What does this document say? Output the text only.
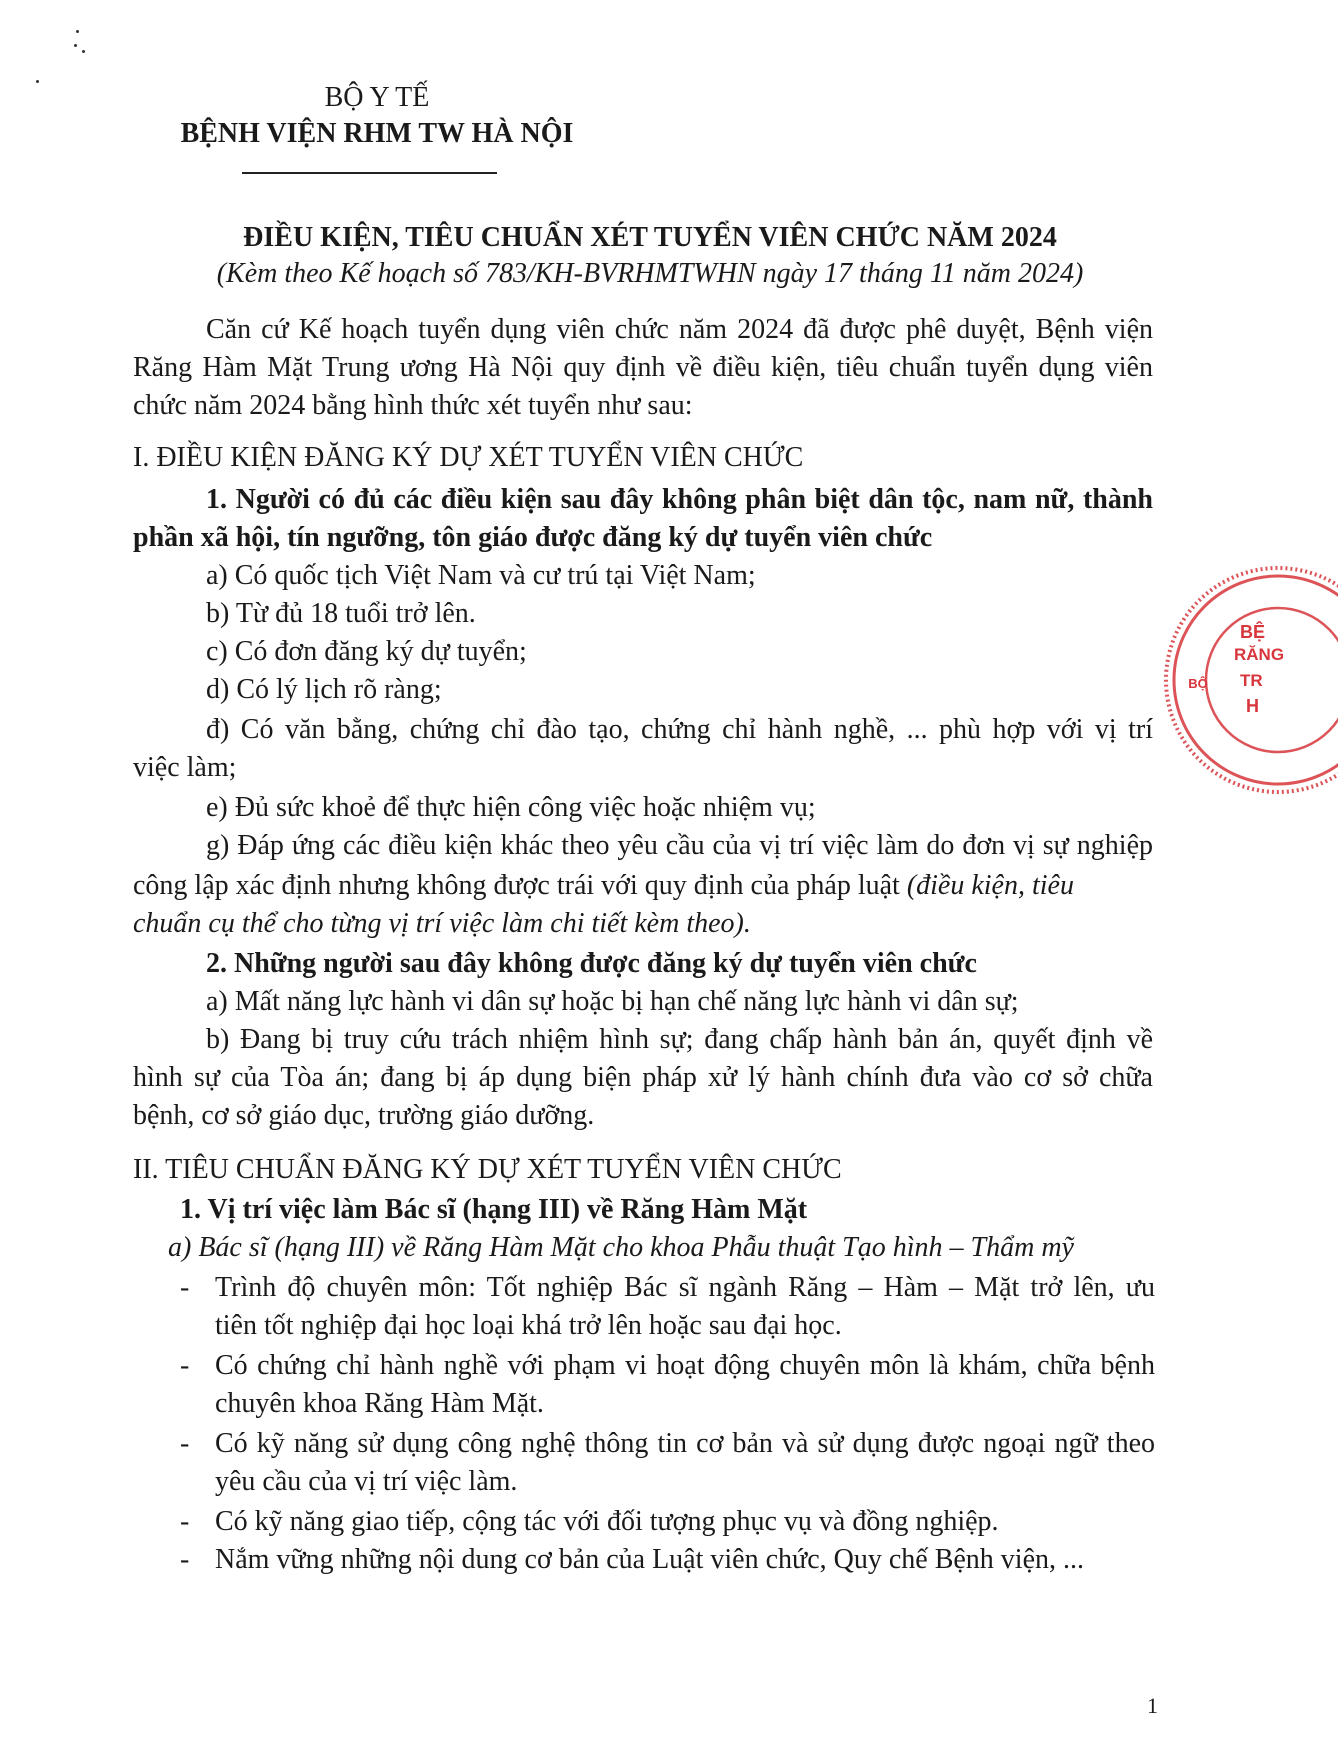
BỘ Y TẾ
BỆNH VIỆN RHM TW HÀ NỘI
ĐIỀU KIỆN, TIÊU CHUẨN XÉT TUYỂN VIÊN CHỨC NĂM 2024
(Kèm theo Kế hoạch số 783/KH-BVRHMTWHN ngày 17 tháng 11 năm 2024)
Căn cứ Kế hoạch tuyển dụng viên chức năm 2024 đã được phê duyệt, Bệnh viện
Răng Hàm Mặt Trung ương Hà Nội quy định về điều kiện, tiêu chuẩn tuyển dụng viên
chức năm 2024 bằng hình thức xét tuyển như sau:
I. ĐIỀU KIỆN ĐĂNG KÝ DỰ XÉT TUYỂN VIÊN CHỨC
1. Người có đủ các điều kiện sau đây không phân biệt dân tộc, nam nữ, thành
phần xã hội, tín ngưỡng, tôn giáo được đăng ký dự tuyển viên chức
a) Có quốc tịch Việt Nam và cư trú tại Việt Nam;
b) Từ đủ 18 tuổi trở lên.
c) Có đơn đăng ký dự tuyển;
d) Có lý lịch rõ ràng;
đ) Có văn bằng, chứng chỉ đào tạo, chứng chỉ hành nghề, ... phù hợp với vị trí
việc làm;
e) Đủ sức khoẻ để thực hiện công việc hoặc nhiệm vụ;
g) Đáp ứng các điều kiện khác theo yêu cầu của vị trí việc làm do đơn vị sự nghiệp
công lập xác định nhưng không được trái với quy định của pháp luật (điều kiện, tiêu
chuẩn cụ thể cho từng vị trí việc làm chi tiết kèm theo).
2. Những người sau đây không được đăng ký dự tuyển viên chức
a) Mất năng lực hành vi dân sự hoặc bị hạn chế năng lực hành vi dân sự;
b) Đang bị truy cứu trách nhiệm hình sự; đang chấp hành bản án, quyết định về
hình sự của Tòa án; đang bị áp dụng biện pháp xử lý hành chính đưa vào cơ sở chữa
bệnh, cơ sở giáo dục, trường giáo dưỡng.
II. TIÊU CHUẨN ĐĂNG KÝ DỰ XÉT TUYỂN VIÊN CHỨC
1. Vị trí việc làm Bác sĩ (hạng III) về Răng Hàm Mặt
a) Bác sĩ (hạng III) về Răng Hàm Mặt cho khoa Phẫu thuật Tạo hình – Thẩm mỹ
- Trình độ chuyên môn: Tốt nghiệp Bác sĩ ngành Răng – Hàm – Mặt trở lên, ưu
tiên tốt nghiệp đại học loại khá trở lên hoặc sau đại học.
- Có chứng chỉ hành nghề với phạm vi hoạt động chuyên môn là khám, chữa bệnh
chuyên khoa Răng Hàm Mặt.
- Có kỹ năng sử dụng công nghệ thông tin cơ bản và sử dụng được ngoại ngữ theo
yêu cầu của vị trí việc làm.
- Có kỹ năng giao tiếp, cộng tác với đối tượng phục vụ và đồng nghiệp.
- Nắm vững những nội dung cơ bản của Luật viên chức, Quy chế Bệnh viện, ...
1
BỘ
BỆ
RĂNG
TR
H
